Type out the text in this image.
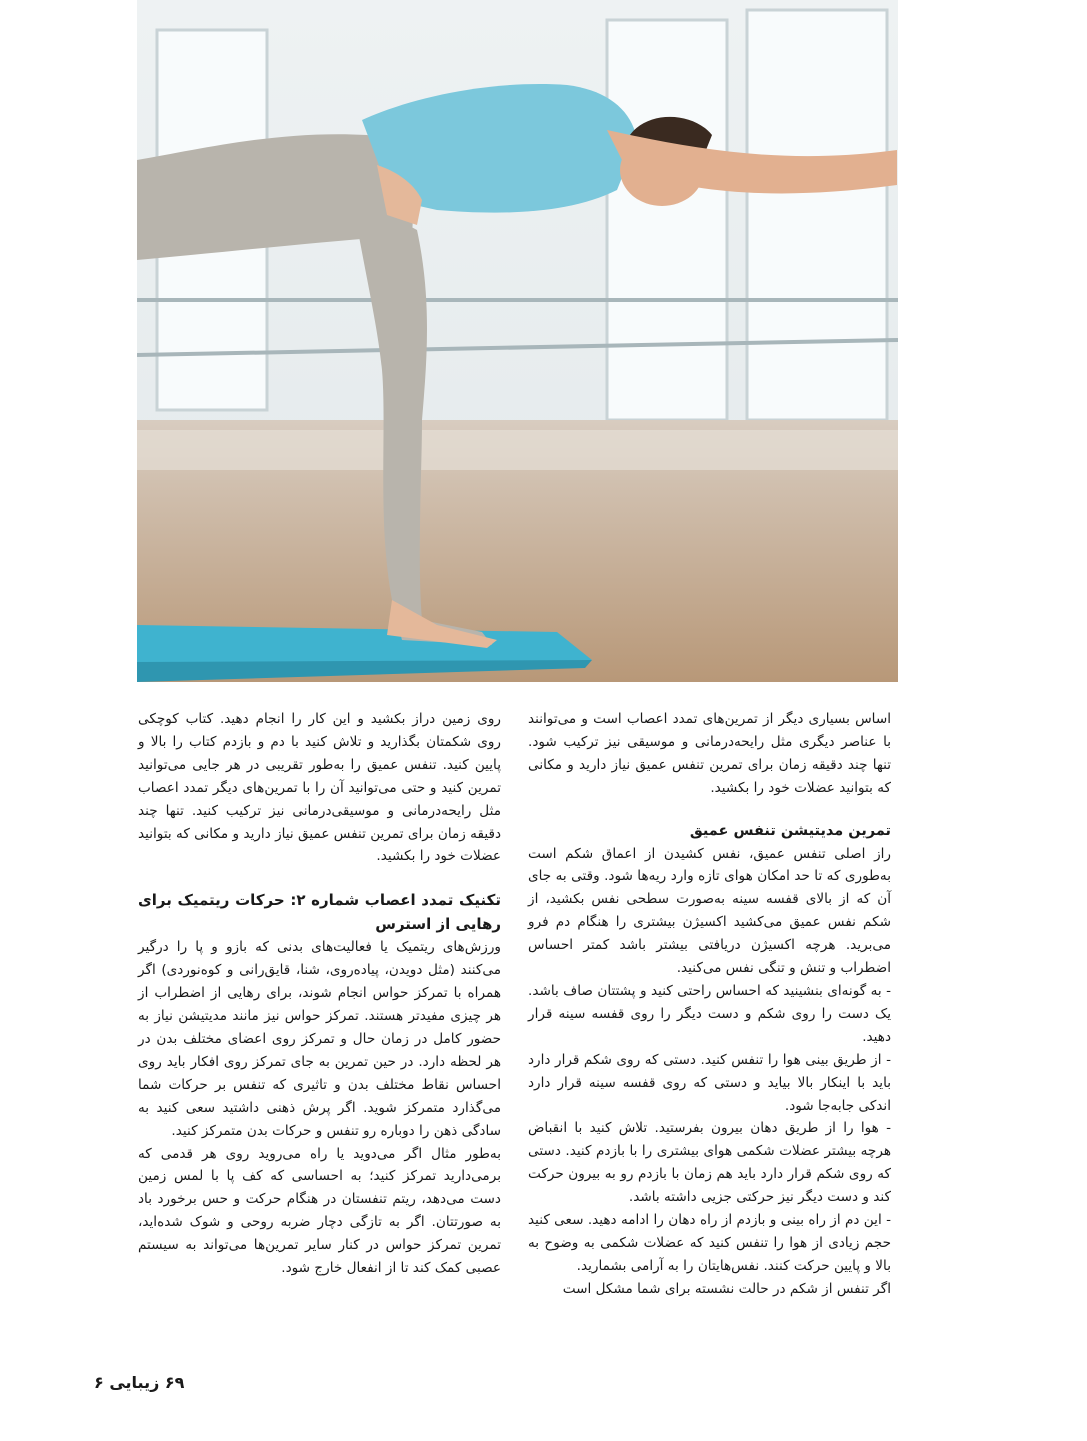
اساس بسیاری دیگر از تمرین‌های تمدد اعصاب است و می‌توانند با عناصر دیگری مثل رایحه‌درمانی و موسیقی نیز ترکیب شود. تنها چند دقیقه زمان برای تمرین تنفس عمیق نیاز دارید و مکانی که بتوانید عضلات خود را بکشید.

تمرین مدیتیشن تنفس عمیق

راز اصلی تنفس عمیق، نفس کشیدن از اعماق شکم است به‌طوری که تا حد امکان هوای تازه وارد ریه‌ها شود. وقتی به جای آن که از بالای قفسه سینه به‌صورت سطحی نفس بکشید، از شکم نفس عمیق می‌کشید اکسیژن بیشتری را هنگام دم فرو می‌برید. هرچه اکسیژن دریافتی بیشتر باشد کمتر احساس اضطراب و تنش و تنگی نفس می‌کنید.

- به گونه‌ای بنشینید که احساس راحتی کنید و پشتتان صاف باشد. یک دست را روی شکم و دست دیگر را روی قفسه سینه قرار دهید.

- از طریق بینی هوا را تنفس کنید. دستی که روی شکم قرار دارد باید با اینکار بالا بیاید و دستی که روی قفسه سینه قرار دارد اندکی جابه‌جا شود.

- هوا را از طریق دهان بیرون بفرستید. تلاش کنید با انقباض هرچه بیشتر عضلات شکمی هوای بیشتری را با بازدم کنید. دستی که روی شکم قرار دارد باید هم زمان با بازدم رو به بیرون حرکت کند و دست دیگر نیز حرکتی جزیی داشته باشد.

- این دم از راه بینی و بازدم از راه دهان را ادامه دهید. سعی کنید حجم زیادی از هوا را تنفس کنید که عضلات شکمی به وضوح به بالا و پایین حرکت کنند. نفس‌هایتان را به آرامی بشمارید.

اگر تنفس از شکم در حالت نشسته برای شما مشکل است

روی زمین دراز بکشید و این کار را انجام دهید. کتاب کوچکی روی شکمتان بگذارید و تلاش کنید با دم و بازدم کتاب را بالا و پایین کنید. تنفس عمیق را به‌طور تقریبی در هر جایی می‌توانید تمرین کنید و حتی می‌توانید آن را با تمرین‌های دیگر تمدد اعصاب مثل رایحه‌درمانی و موسیقی‌درمانی نیز ترکیب کنید. تنها چند دقیقه زمان برای تمرین تنفس عمیق نیاز دارید و مکانی که بتوانید عضلات خود را بکشید.

تکنیک تمدد اعصاب شماره ۲: حرکات ریتمیک برای رهایی از استرس

ورزش‌های ریتمیک یا فعالیت‌های بدنی که بازو و پا را درگیر می‌کنند (مثل دویدن، پیاده‌روی، شنا، قایق‌رانی و کوه‌نوردی) اگر همراه با تمرکز حواس انجام شوند، برای رهایی از اضطراب از هر چیزی مفیدتر هستند. تمرکز حواس نیز مانند مدیتیشن نیاز به حضور کامل در زمان حال و تمرکز روی اعضای مختلف بدن در هر لحظه دارد. در حین تمرین به جای تمرکز روی افکار باید روی احساس نقاط مختلف بدن و تاثیری که تنفس بر حرکات شما می‌گذارد متمرکز شوید. اگر پرش ذهنی داشتید سعی کنید به سادگی ذهن را دوباره رو تنفس و حرکات بدن متمرکز کنید.

به‌طور مثال اگر می‌دوید یا راه می‌روید روی هر قدمی که برمی‌دارید تمرکز کنید؛ به احساسی که کف پا با لمس زمین دست می‌دهد، ریتم تنفستان در هنگام حرکت و حس برخورد باد به صورتتان. اگر به تازگی دچار ضربه روحی و شوک شده‌اید، تمرین تمرکز حواس در کنار سایر تمرین‌ها می‌تواند به سیستم عصبی کمک کند تا از انفعال خارج شود.

۶۹ زیبایی ۶
